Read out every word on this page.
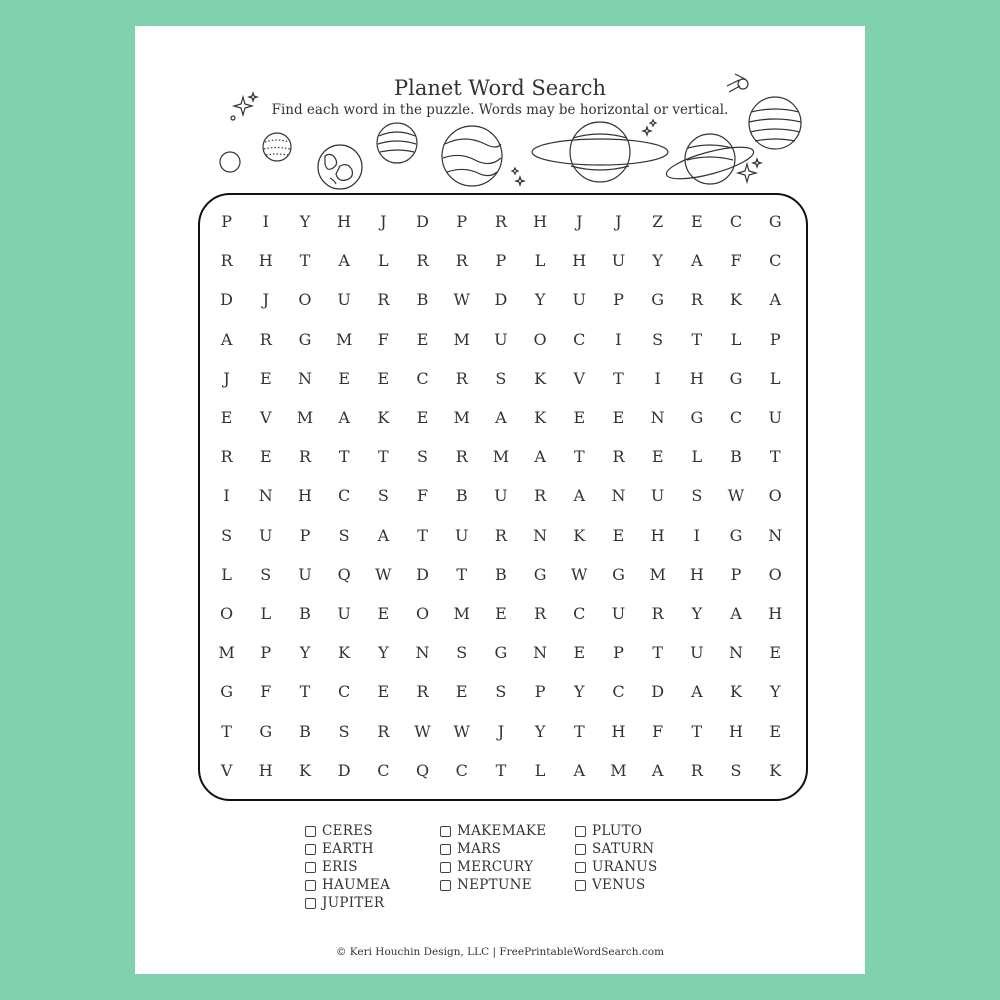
Planet Word Search
Find each word in the puzzle. Words may be horizontal or vertical.
P	I	Y	H	J	D	P	R	H	J	J	Z	E	C	G
R	H	T	A	L	R	R	P	L	H	U	Y	A	F	C
D	J	O	U	R	B	W	D	Y	U	P	G	R	K	A
A	R	G	M	F	E	M	U	O	C	I	S	T	L	P
J	E	N	E	E	C	R	S	K	V	T	I	H	G	L
E	V	M	A	K	E	M	A	K	E	E	N	G	C	U
R	E	R	T	T	S	R	M	A	T	R	E	L	B	T
I	N	H	C	S	F	B	U	R	A	N	U	S	W	O
S	U	P	S	A	T	U	R	N	K	E	H	I	G	N
L	S	U	Q	W	D	T	B	G	W	G	M	H	P	O
O	L	B	U	E	O	M	E	R	C	U	R	Y	A	H
M	P	Y	K	Y	N	S	G	N	E	P	T	U	N	E
G	F	T	C	E	R	E	S	P	Y	C	D	A	K	Y
T	G	B	S	R	W	W	J	Y	T	H	F	T	H	E
V	H	K	D	C	Q	C	T	L	A	M	A	R	S	K
CERES
EARTH
ERIS
HAUMEA
JUPITER
MAKEMAKE
MARS
MERCURY
NEPTUNE
PLUTO
SATURN
URANUS
VENUS
© Keri Houchin Design, LLC | FreePrintableWordSearch.com
